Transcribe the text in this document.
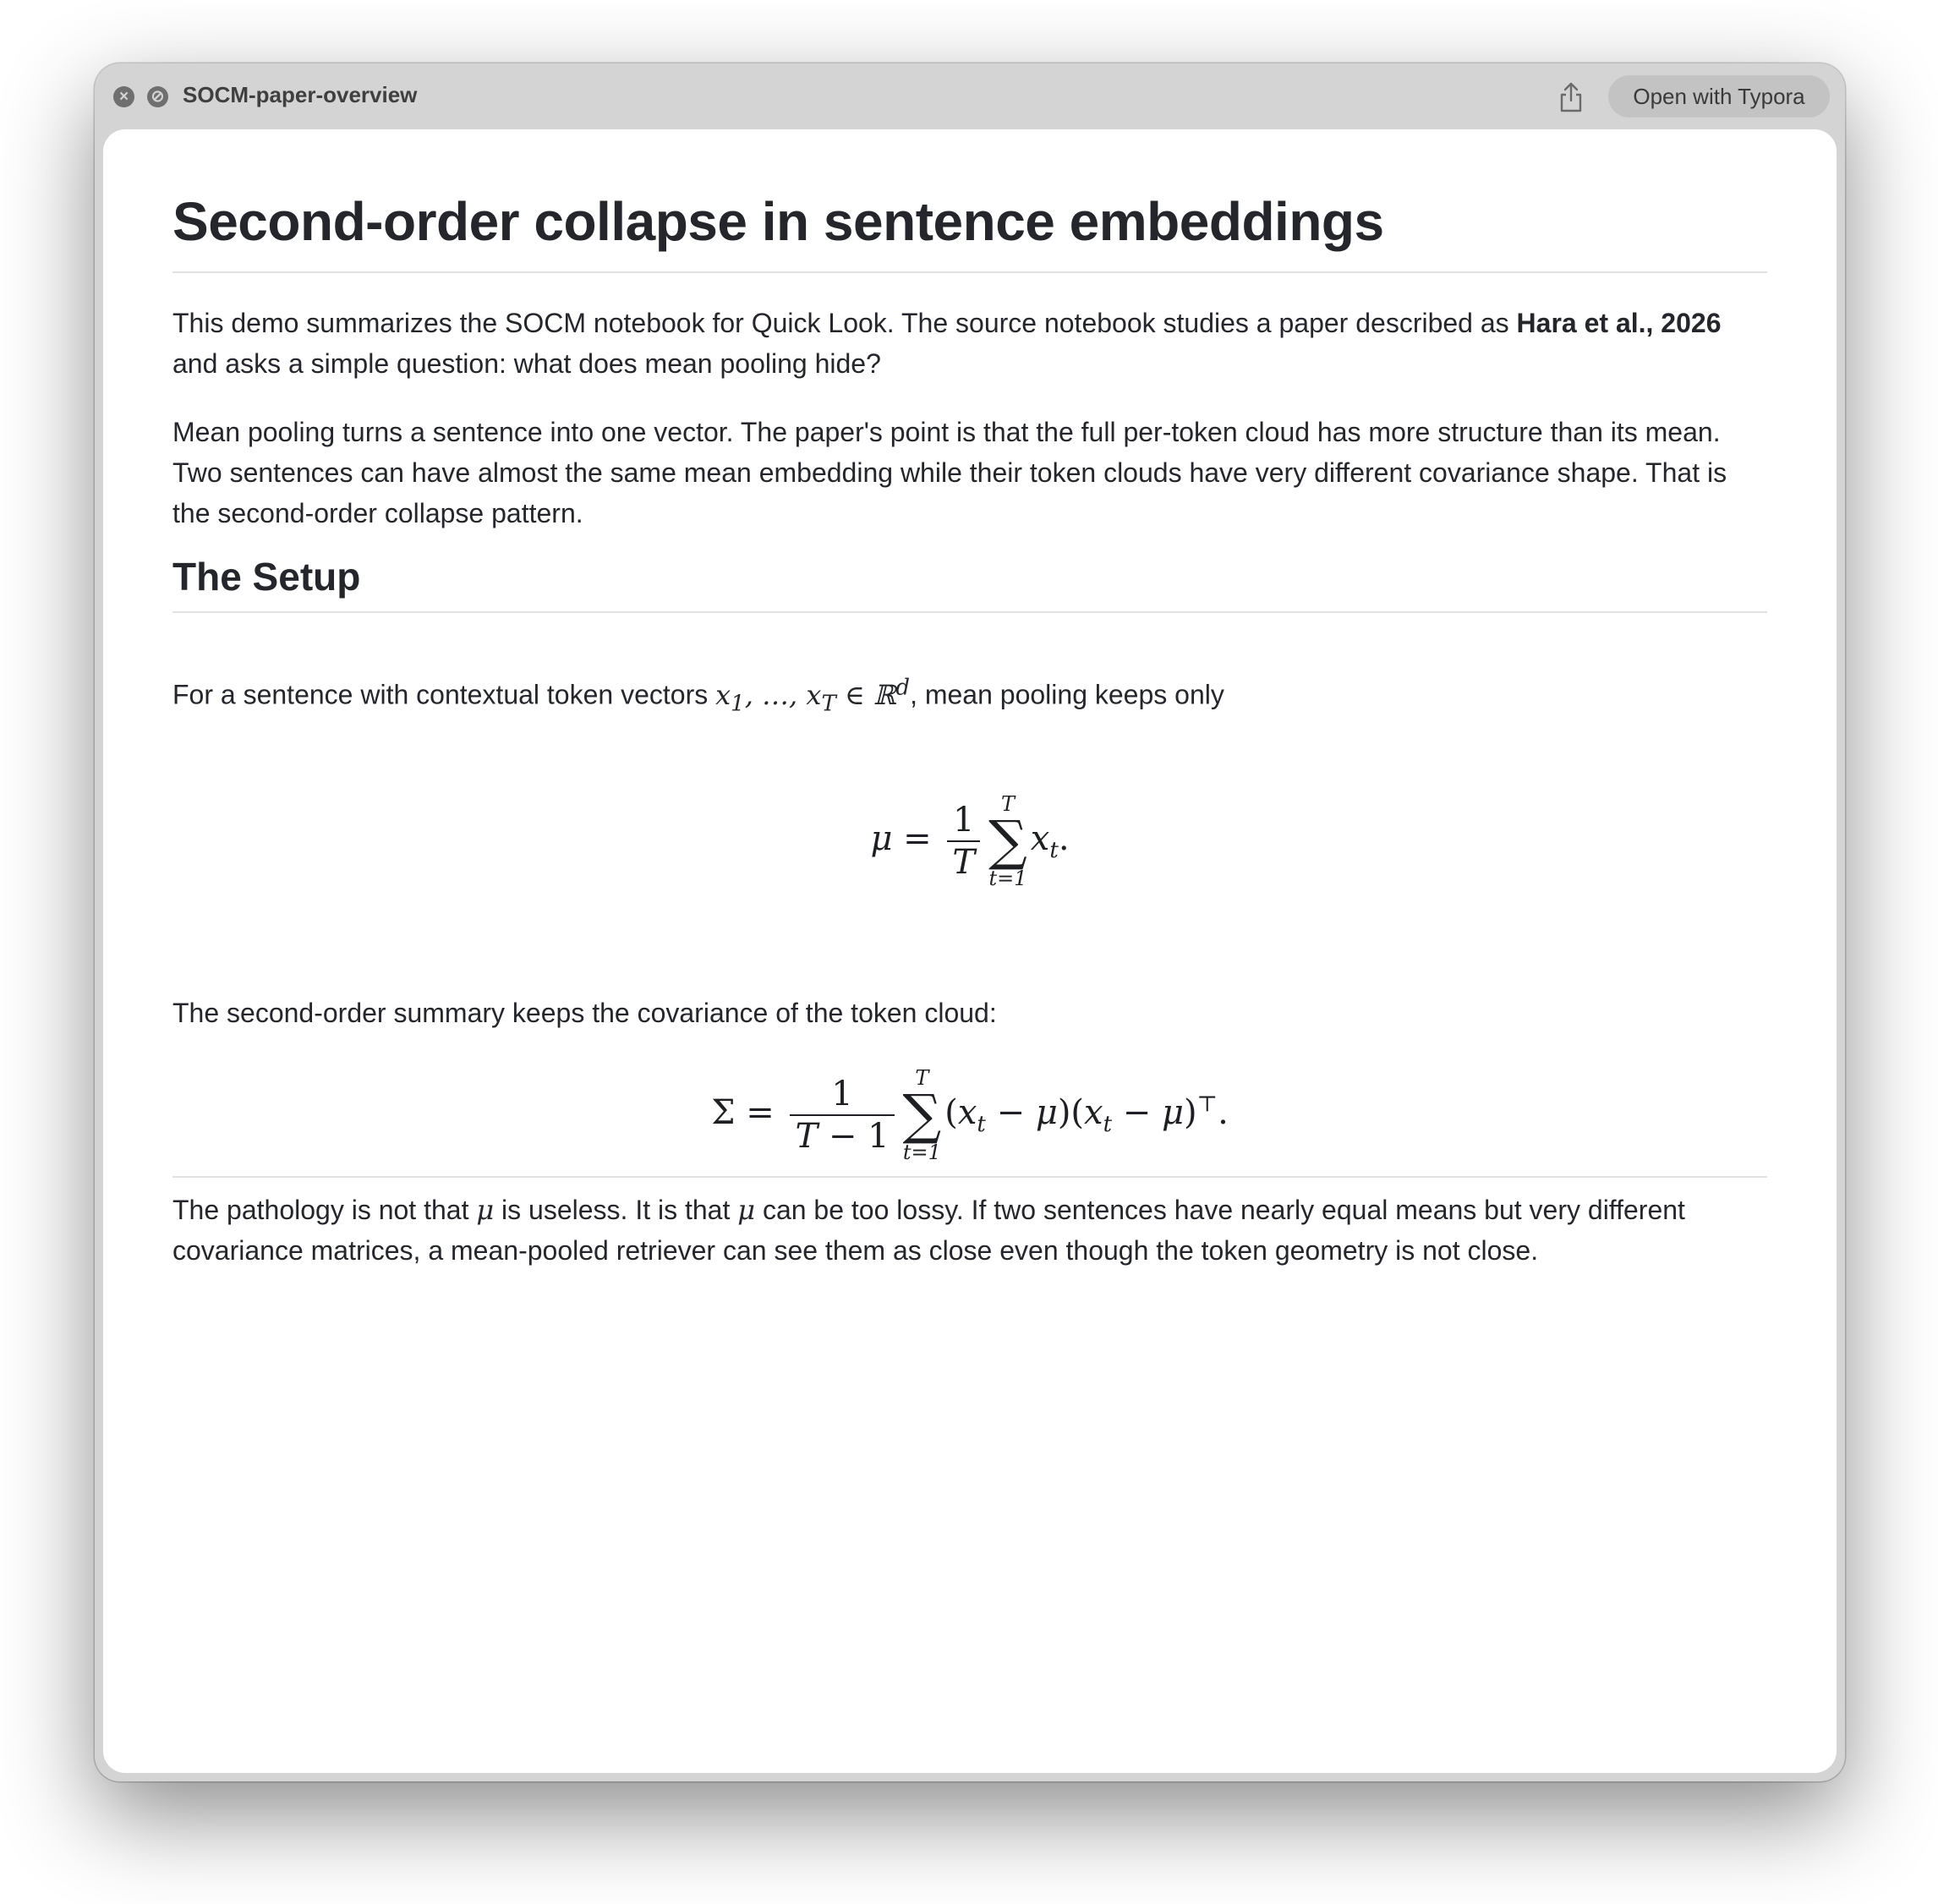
×	⊘ SOCM-paper-overview	Open with Typora
Second-order collapse in sentence embeddings

This demo summarizes the SOCM notebook for Quick Look. The source notebook studies a paper described as Hara et al., 2026 and asks a simple question: what does mean pooling hide?

Mean pooling turns a sentence into one vector. The paper's point is that the full per-token cloud has more structure than its mean. Two sentences can have almost the same mean embedding while their token clouds have very different covariance shape. That is the second-order collapse pattern.

The Setup

For a sentence with contextual token vectors $x_1$, …, $x_T$ ∈ ℝ$^d$, mean pooling keeps only

$\mu = \frac{1}{T}$	T
∑
t=1
$x_t$.

The second-order summary keeps the covariance of the token cloud:

$\Sigma = \frac{1}{T - 1}$	T
∑
t=1
$(x_t - \mu)(x_t - \mu)^⊤$.

The pathology is not that μ is useless. It is that μ can be too lossy. If two sentences have nearly equal means but very different covariance matrices, a mean-pooled retriever can see them as close even though the token geometry is not close.
